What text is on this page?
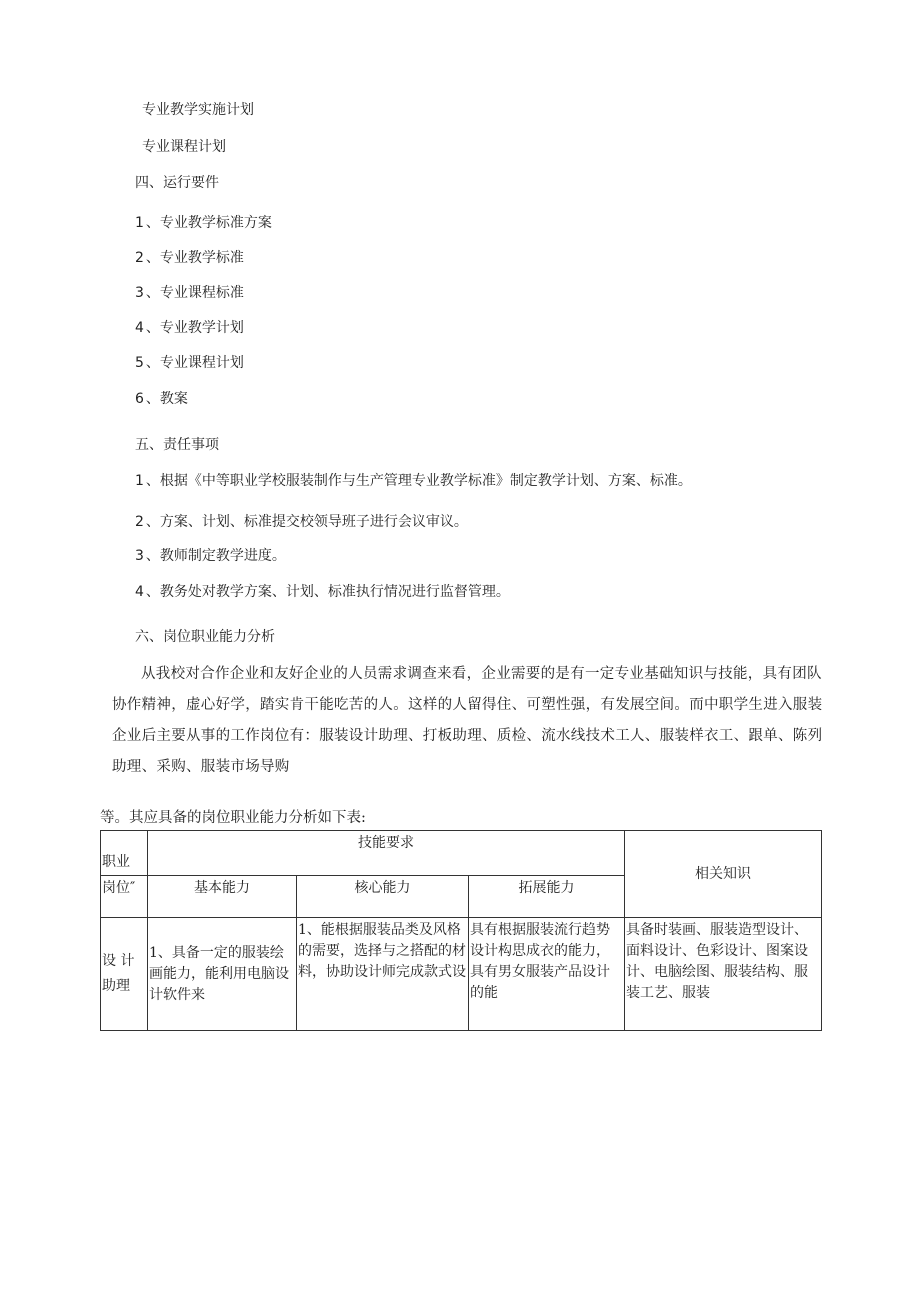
专业教学实施计划
专业课程计划
四、运行要件
1 、专业教学标准方案
2 、专业教学标准
3 、专业课程标准
4 、专业教学计划
5 、专业课程计划
6 、教案
五、责任事项
1 、根据《中等职业学校服装制作与生产管理专业教学标准》制定教学计划、方案、标准。
2 、方案、计划、标准提交校领导班子进行会议审议。
3 、教师制定教学进度。
4 、教务处对教学方案、计划、标准执行情况进行监督管理。
六、岗位职业能力分析
从我校对合作企业和友好企业的人员需求调查来看，企业需要的是有一定专业基础知识与技能，具有团队协作精神，虚心好学，踏实肯干能吃苦的人。这样的人留得住、可塑性强，有发展空间。而中职学生进入服装企业后主要从事的工作岗位有：服装设计助理、打板助理、质检、流水线技术工人、服装样衣工、跟单、陈列助理、采购、服装市场导购
等。其应具备的岗位职业能力分析如下表:
职业	技能要求			相关知识

岗位″	基本能力	核心能力	拓展能力	

设 计
助理	1、具备一定的服装绘画能力，能利用电脑设计软件来	1、能根据服装品类及风格的需要，选择与之搭配的材料，协助设计师完成款式设	具有根据服装流行趋势设计构思成衣的能力，具有男女服装产品设计的能	具备时装画、服装造型设计、面料设计、色彩设计、图案设计、电脑绘图、服装结构、服装工艺、服装
